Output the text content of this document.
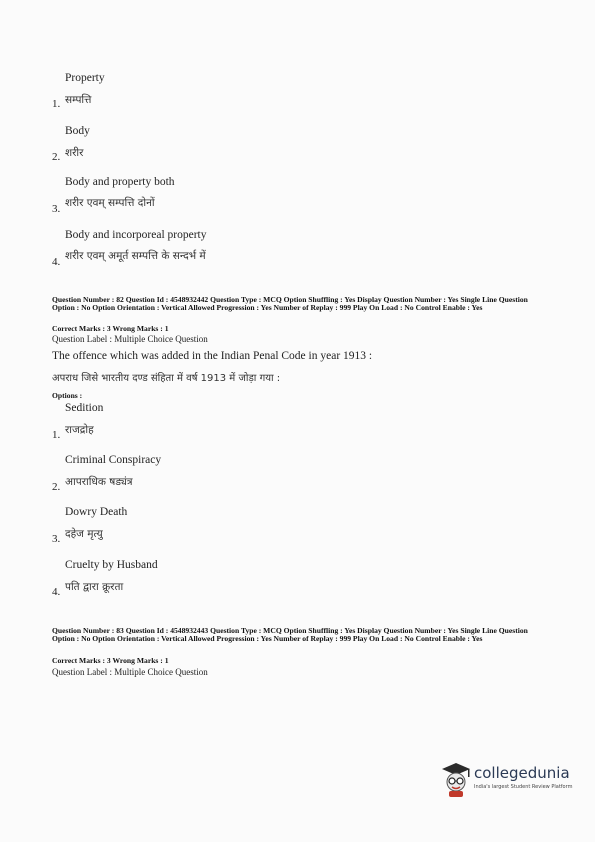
Property
1. सम्पत्ति
Body
2. शरीर
Body and property both
3. शरीर एवम् सम्पत्ति दोनों
Body and incorporeal property
4. शरीर एवम् अमूर्त सम्पत्ति के सन्दर्भ में
Question Number : 82 Question Id : 4548932442 Question Type : MCQ Option Shuffling : Yes Display Question Number : Yes Single Line Question Option : No Option Orientation : Vertical Allowed Progression : Yes Number of Replay : 999 Play On Load : No Control Enable : Yes
Correct Marks : 3 Wrong Marks : 1
Question Label : Multiple Choice Question
The offence which was added in the Indian Penal Code in year 1913 :
अपराध जिसे भारतीय दण्ड संहिता में वर्ष 1913 में जोड़ा गया :
Options :
Sedition
1. राजद्रोह
Criminal Conspiracy
2. आपराधिक षड्यंत्र
Dowry Death
3. दहेज मृत्यु
Cruelty by Husband
4. पति द्वारा क्रूरता
Question Number : 83 Question Id : 4548932443 Question Type : MCQ Option Shuffling : Yes Display Question Number : Yes Single Line Question Option : No Option Orientation : Vertical Allowed Progression : Yes Number of Replay : 999 Play On Load : No Control Enable : Yes
Correct Marks : 3 Wrong Marks : 1
Question Label : Multiple Choice Question
collegedunia
India's largest Student Review Platform
